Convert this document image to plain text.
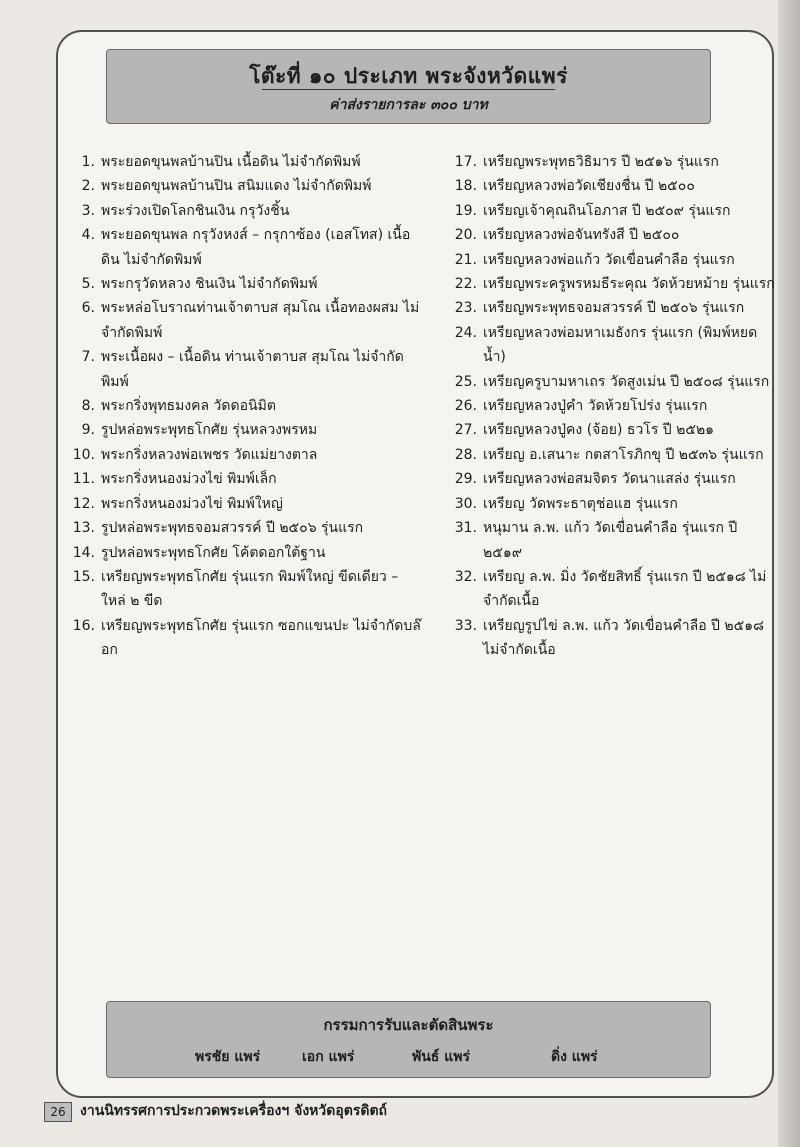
โต๊ะที่ ๑๐ ประเภท พระจังหวัดแพร่
ค่าส่งรายการละ ๓๐๐ บาท
1. พระยอดขุนพลบ้านปิน เนื้อดิน ไม่จำกัดพิมพ์
2. พระยอดขุนพลบ้านปิน สนิมแดง ไม่จำกัดพิมพ์
3. พระร่วงเปิดโลกชินเงิน กรุวังชิ้น
4. พระยอดขุนพล กรุวังหงส์ – กรุกาซ้อง (เอสโทส) เนื้อดิน ไม่จำกัดพิมพ์
5. พระกรุวัดหลวง ชินเงิน ไม่จำกัดพิมพ์
6. พระหล่อโบราณท่านเจ้าตาบส สุมโณ เนื้อทองผสม ไม่จำกัดพิมพ์
7. พระเนื้อผง – เนื้อดิน ท่านเจ้าตาบส สุมโณ ไม่จำกัดพิมพ์
8. พระกริ่งพุทธมงคล วัดดอนิมิต
9. รูปหล่อพระพุทธโกศัย รุ่นหลวงพรหม
10. พระกริ่งหลวงพ่อเพชร วัดแม่ยางตาล
11. พระกริ่งหนองม่วงไข่ พิมพ์เล็ก
12. พระกริ่งหนองม่วงไข่ พิมพ์ใหญ่
13. รูปหล่อพระพุทธจอมสวรรค์ ปี ๒๕๐๖ รุ่นแรก
14. รูปหล่อพระพุทธโกศัย โค้ตดอกใต้ฐาน
15. เหรียญพระพุทธโกศัย รุ่นแรก พิมพ์ใหญ่ ขีดเดียว – ใหล่ ๒ ขีด
16. เหรียญพระพุทธโกศัย รุ่นแรก ซอกแขนปะ ไม่จำกัดบล๊อก
17. เหรียญพระพุทธวิธิมาร ปี ๒๕๑๖ รุ่นแรก
18. เหรียญหลวงพ่อวัดเชียงชื่น ปี ๒๕๐๐
19. เหรียญเจ้าคุณถินโอภาส ปี ๒๕๐๙ รุ่นแรก
20. เหรียญหลวงพ่อจันทรังสี ปี ๒๕๐๐
21. เหรียญหลวงพ่อแก้ว วัดเขื่อนคำลือ รุ่นแรก
22. เหรียญพระครูพรหมธีระคุณ วัดห้วยหม้าย รุ่นแรก
23. เหรียญพระพุทธจอมสวรรค์ ปี ๒๕๐๖ รุ่นแรก
24. เหรียญหลวงพ่อมหาเมธังกร รุ่นแรก (พิมพ์หยดน้ำ)
25. เหรียญครูบามหาเถร วัดสูงเม่น ปี ๒๕๐๘ รุ่นแรก
26. เหรียญหลวงปู่คำ วัดห้วยโปร่ง รุ่นแรก
27. เหรียญหลวงปู่คง (จ้อย) ธวโร ปี ๒๕๒๑
28. เหรียญ อ.เสนาะ กตสาโรภิกขุ ปี ๒๕๓๖ รุ่นแรก
29. เหรียญหลวงพ่อสมจิตร วัดนาแสล่ง รุ่นแรก
30. เหรียญ วัดพระธาตุช่อแฮ รุ่นแรก
31. หนุมาน ล.พ. แก้ว วัดเขื่อนคำลือ รุ่นแรก ปี ๒๕๑๙
32. เหรียญ ล.พ. มิ่ง วัดชัยสิทธิ์ รุ่นแรก ปี ๒๕๑๘ ไม่จำกัดเนื้อ
33. เหรียญรูปไข่ ล.พ. แก้ว วัดเขื่อนคำลือ ปี ๒๕๑๘ ไม่จำกัดเนื้อ
กรรมการรับและตัดสินพระ
พรชัย แพร่	เอก แพร่	พันธ์ แพร่	ดิ่ง แพร่
26	งานนิทรรศการประกวดพระเครื่องฯ จังหวัดอุตรดิตถ์
